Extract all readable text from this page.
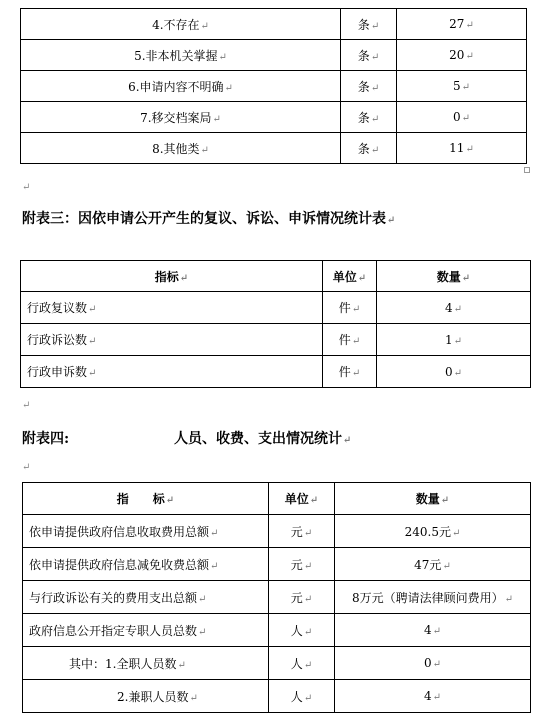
4.不存在↵	条↵	27↵
5.非本机关掌握↵	条↵	20↵
6.申请内容不明确↵	条↵	5↵
7.移交档案局↵	条↵	0↵
8.其他类↵	条↵	11↵
↵
附表三：因依申请公开产生的复议、诉讼、申诉情况统计表↵
指标↵	单位↵	数量↵
行政复议数↵	件↵	4↵
行政诉讼数↵	件↵	1↵
行政申诉数↵	件↵	0↵
↵
附表四:	人员、收费、支出情况统计↵
↵
指　　标↵	单位↵	数量↵
依申请提供政府信息收取费用总额↵	元↵	240.5元↵
依申请提供政府信息减免收费总额↵	元↵	47元↵
与行政诉讼有关的费用支出总额↵	元↵	8万元（聘请法律顾问费用）↵
政府信息公开指定专职人员总数↵	人↵	4↵
其中：1.全职人员数↵	人↵	0↵
2.兼职人员数↵	人↵	4↵
